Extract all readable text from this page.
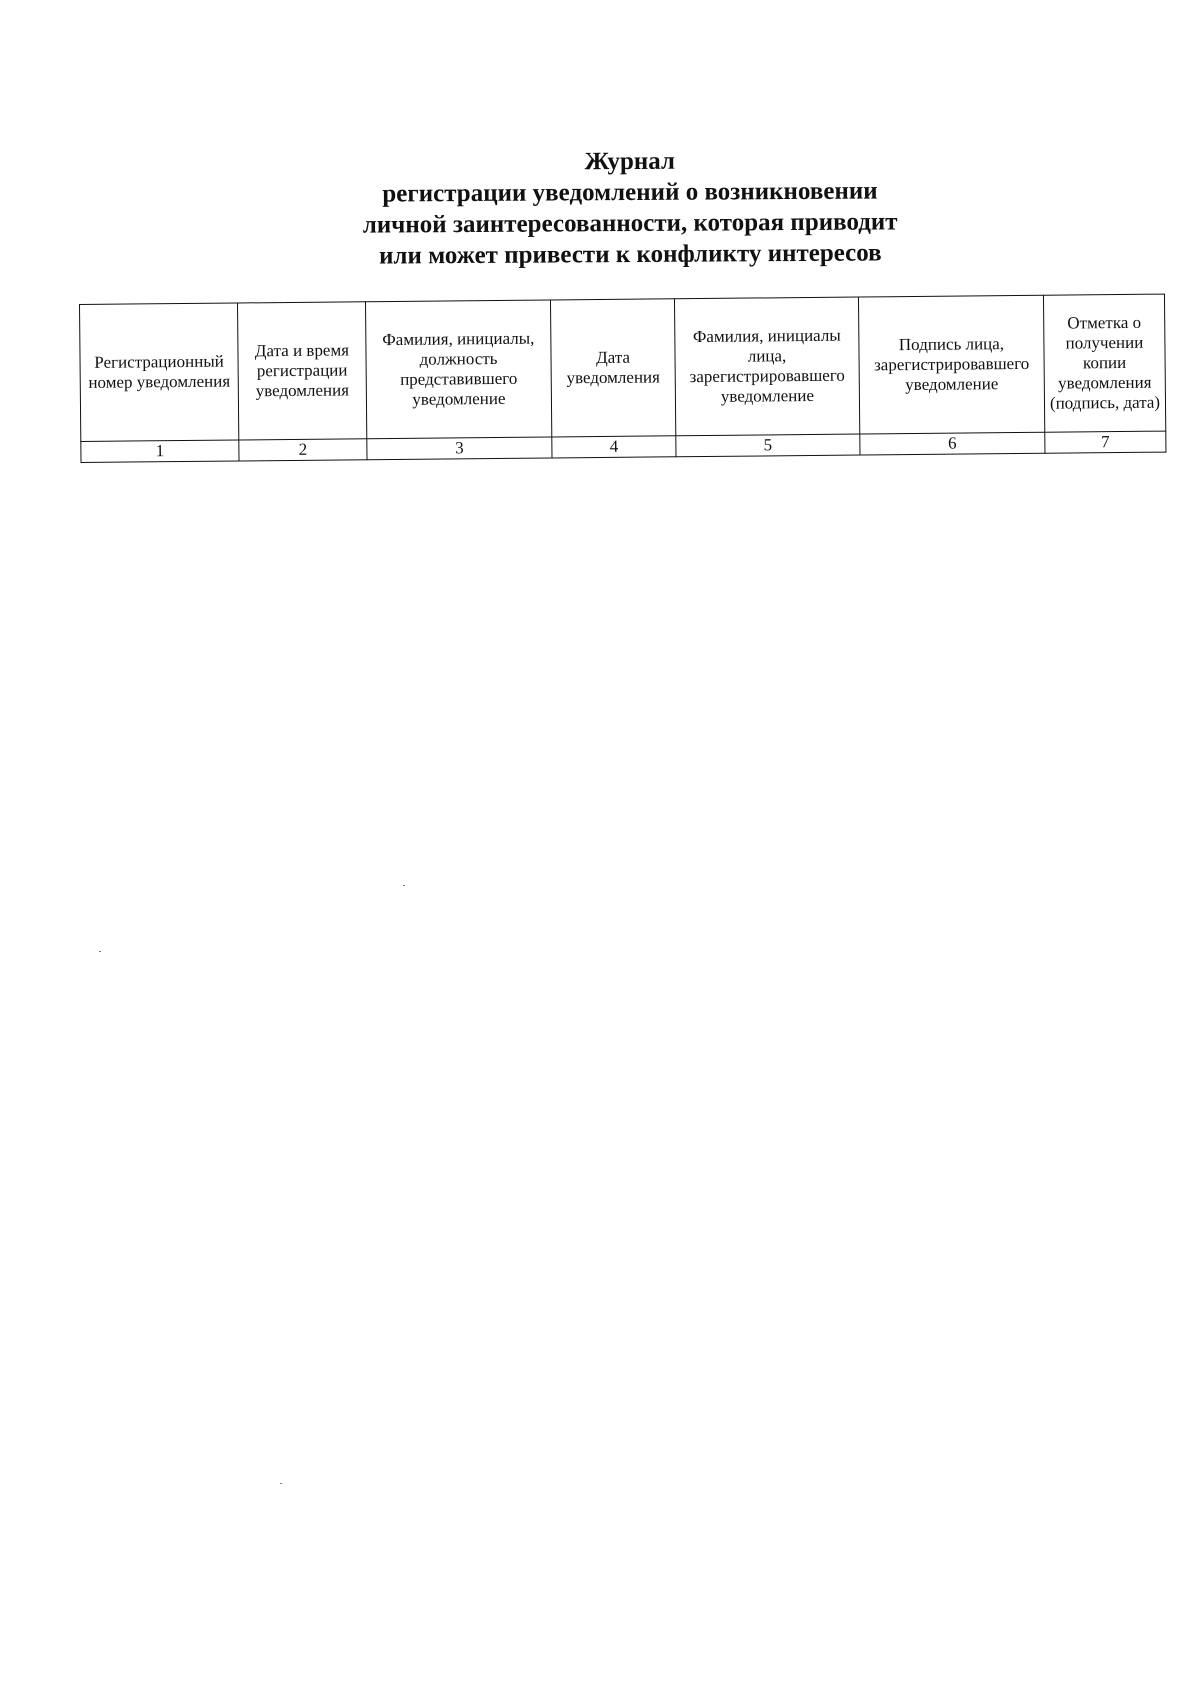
Журнал
регистрации уведомлений о возникновении
личной заинтересованности, которая приводит
или может привести к конфликту интересов
Регистрационный номер уведомления	Дата и время регистрации уведомления	Фамилия, инициалы, должность представившего уведомление	Дата уведомления	Фамилия, инициалы лица, зарегистрировавшего уведомление	Подпись лица, зарегистрировавшего уведомление	Отметка о получении копии уведомления (подпись, дата)
1	2	3	4	5	6	7
